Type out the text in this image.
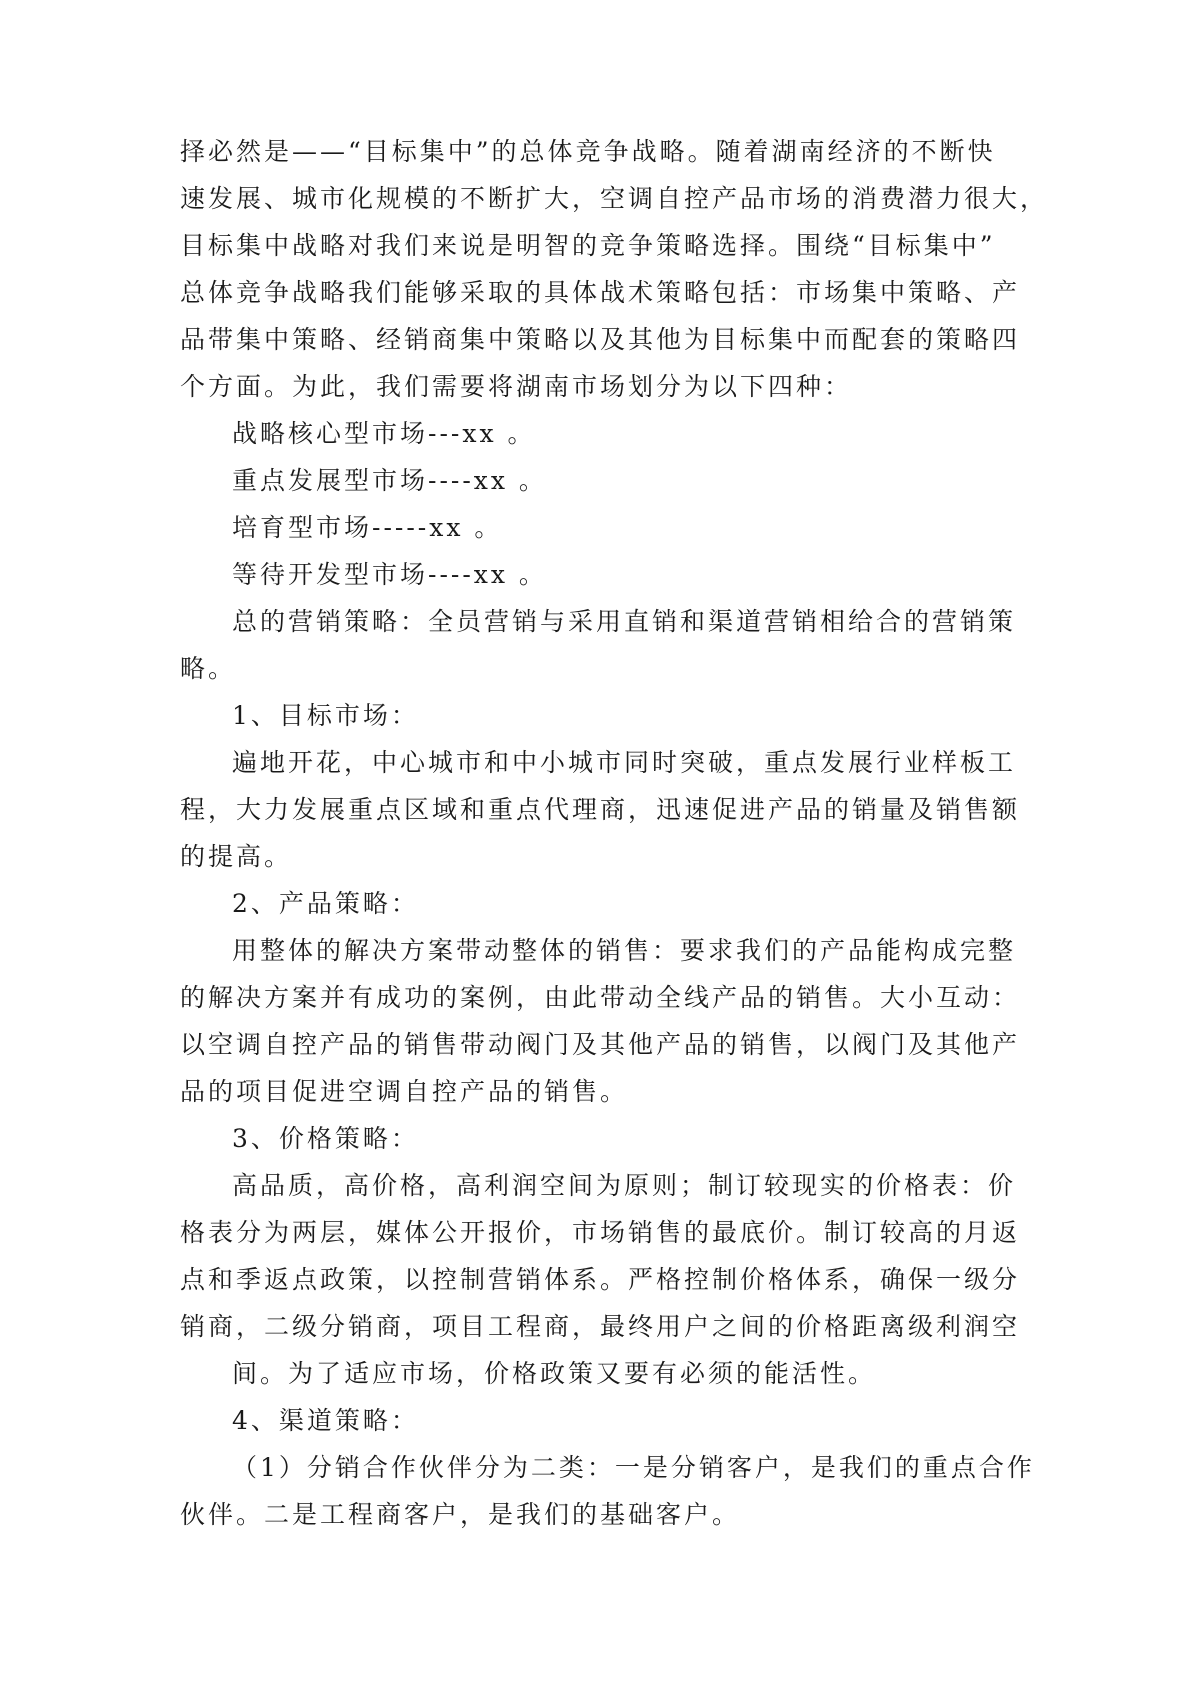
择必然是——“目标集中”的总体竞争战略。随着湖南经济的不断快

速发展、城市化规模的不断扩大，空调自控产品市场的消费潜力很大，

目标集中战略对我们来说是明智的竞争策略选择。围绕“目标集中”

总体竞争战略我们能够采取的具体战术策略包括：市场集中策略、产

品带集中策略、经销商集中策略以及其他为目标集中而配套的策略四

个方面。为此，我们需要将湖南市场划分为以下四种：

战略核心型市场---xx 。

重点发展型市场----xx 。

培育型市场-----xx 。

等待开发型市场----xx 。

总的营销策略：全员营销与采用直销和渠道营销相给合的营销策

略。

1、目标市场：

遍地开花，中心城市和中小城市同时突破，重点发展行业样板工

程，大力发展重点区域和重点代理商，迅速促进产品的销量及销售额

的提高。

2、产品策略：

用整体的解决方案带动整体的销售：要求我们的产品能构成完整

的解决方案并有成功的案例，由此带动全线产品的销售。大小互动：

以空调自控产品的销售带动阀门及其他产品的销售，以阀门及其他产

品的项目促进空调自控产品的销售。

3、价格策略：

高品质，高价格，高利润空间为原则；制订较现实的价格表：价

格表分为两层，媒体公开报价，市场销售的最底价。制订较高的月返

点和季返点政策，以控制营销体系。严格控制价格体系，确保一级分

销商，二级分销商，项目工程商，最终用户之间的价格距离级利润空

间。为了适应市场，价格政策又要有必须的能活性。

4、渠道策略：

（1）分销合作伙伴分为二类：一是分销客户，是我们的重点合作

伙伴。二是工程商客户，是我们的基础客户。
